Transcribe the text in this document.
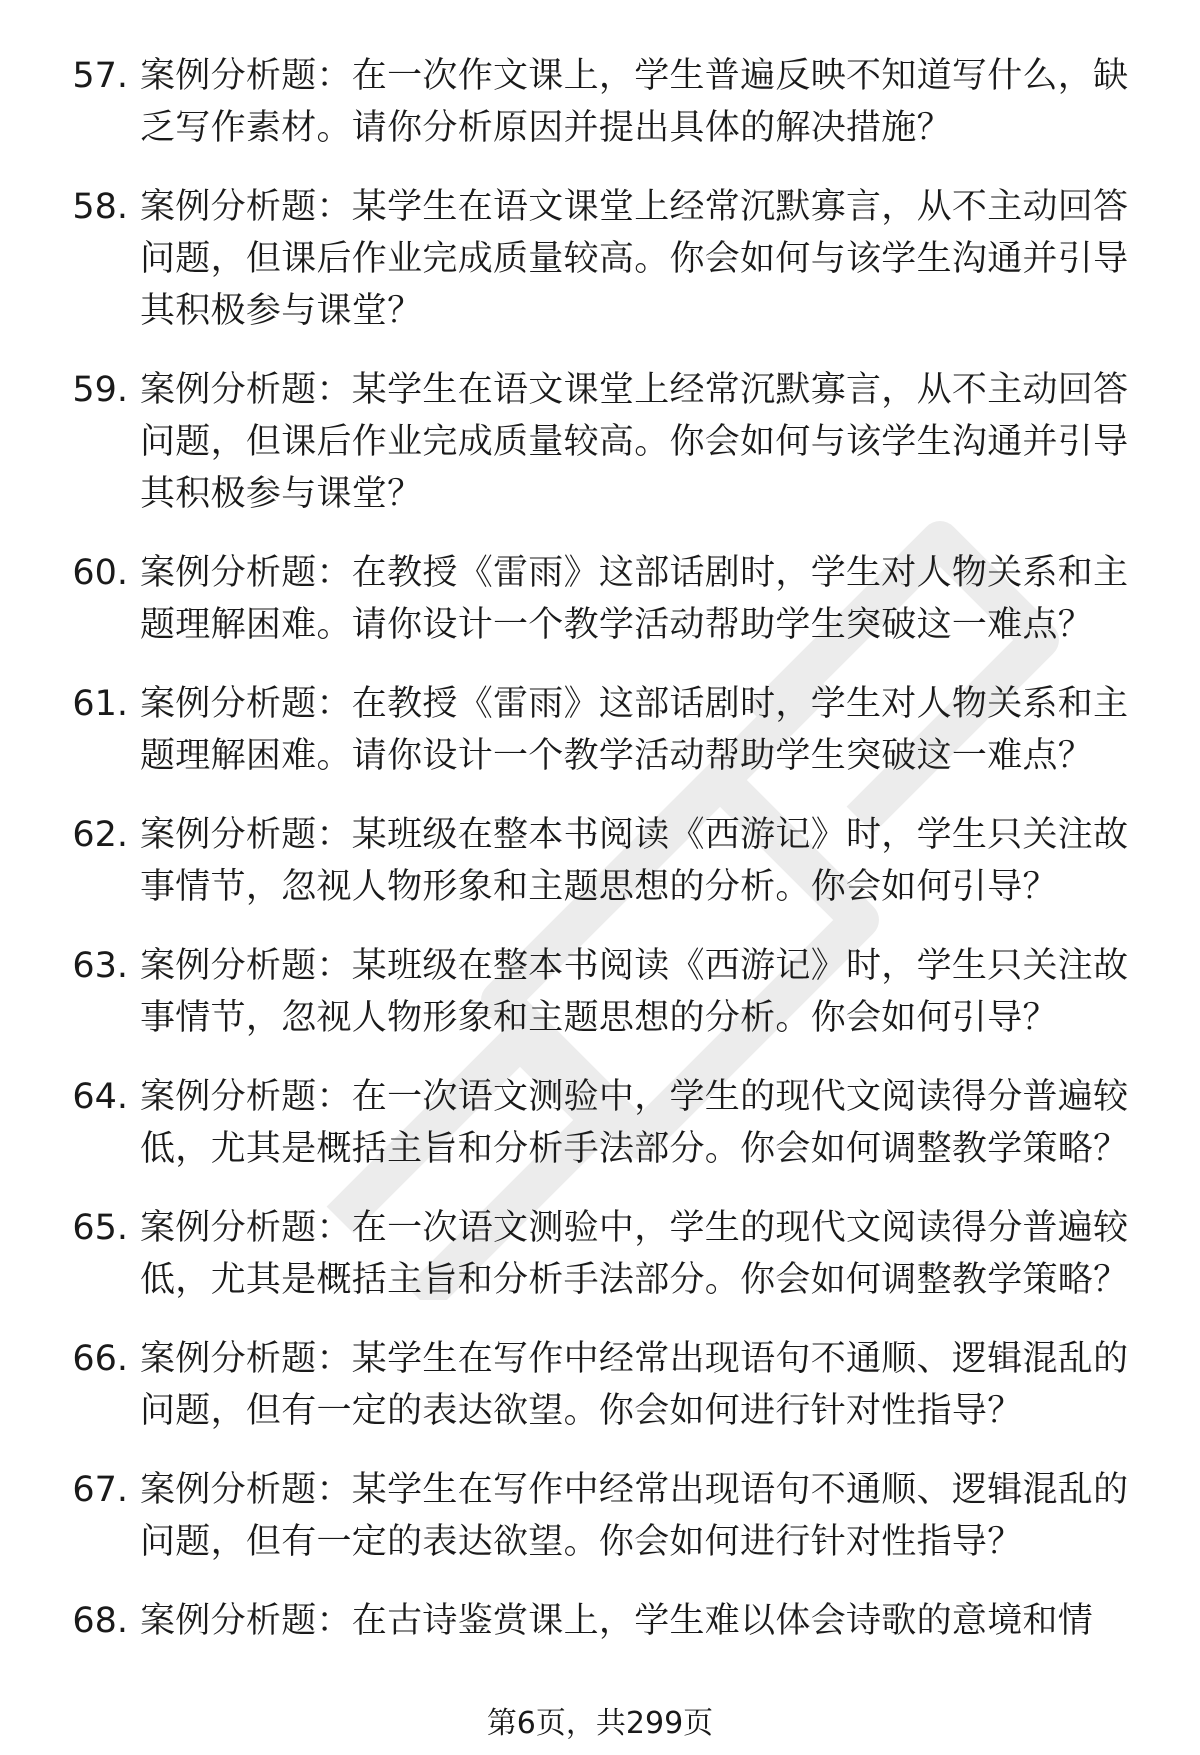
57. 案例分析题：在一次作文课上，学生普遍反映不知道写什么，缺乏写作素材。请你分析原因并提出具体的解决措施？
58. 案例分析题：某学生在语文课堂上经常沉默寡言，从不主动回答问题，但课后作业完成质量较高。你会如何与该学生沟通并引导其积极参与课堂？
59. 案例分析题：某学生在语文课堂上经常沉默寡言，从不主动回答问题，但课后作业完成质量较高。你会如何与该学生沟通并引导其积极参与课堂？
60. 案例分析题：在教授《雷雨》这部话剧时，学生对人物关系和主题理解困难。请你设计一个教学活动帮助学生突破这一难点？
61. 案例分析题：在教授《雷雨》这部话剧时，学生对人物关系和主题理解困难。请你设计一个教学活动帮助学生突破这一难点？
62. 案例分析题：某班级在整本书阅读《西游记》时，学生只关注故事情节，忽视人物形象和主题思想的分析。你会如何引导？
63. 案例分析题：某班级在整本书阅读《西游记》时，学生只关注故事情节，忽视人物形象和主题思想的分析。你会如何引导？
64. 案例分析题：在一次语文测验中，学生的现代文阅读得分普遍较低，尤其是概括主旨和分析手法部分。你会如何调整教学策略？
65. 案例分析题：在一次语文测验中，学生的现代文阅读得分普遍较低，尤其是概括主旨和分析手法部分。你会如何调整教学策略？
66. 案例分析题：某学生在写作中经常出现语句不通顺、逻辑混乱的问题，但有一定的表达欲望。你会如何进行针对性指导？
67. 案例分析题：某学生在写作中经常出现语句不通顺、逻辑混乱的问题，但有一定的表达欲望。你会如何进行针对性指导？
68. 案例分析题：在古诗鉴赏课上，学生难以体会诗歌的意境和情
第6页，共299页
